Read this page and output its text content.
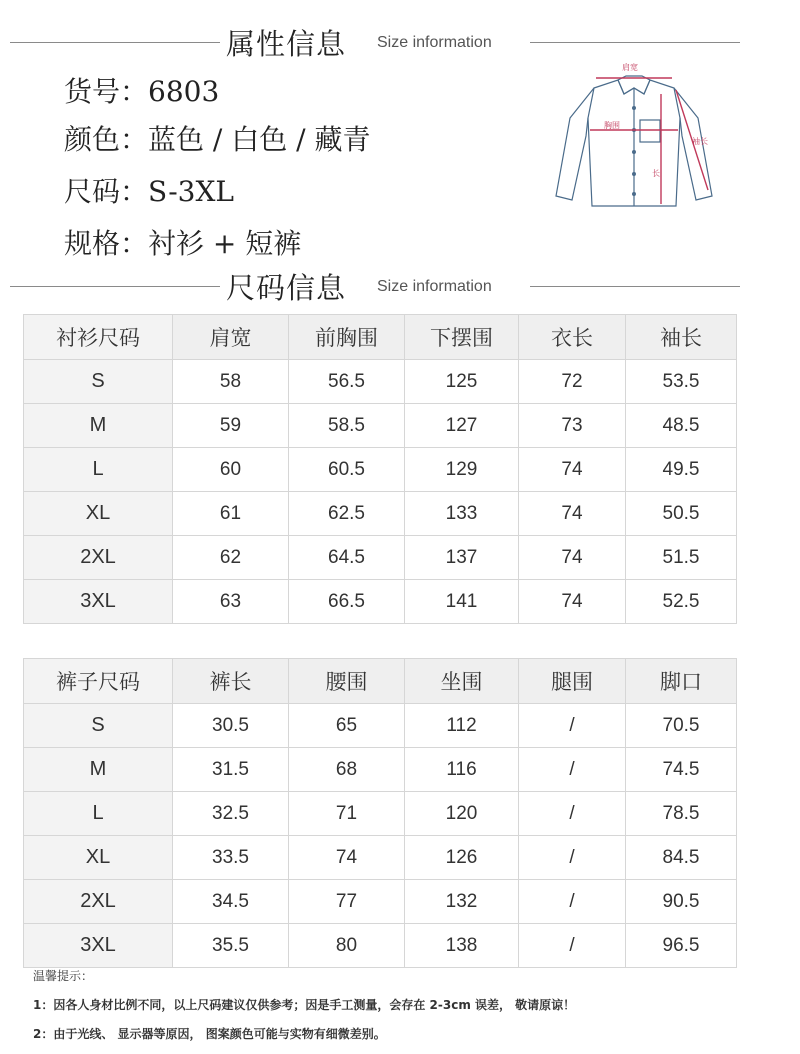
属性信息 Size information
货号：6803
颜色：蓝色 / 白色 / 藏青
尺码：S-3XL
规格：衬衫 + 短裤
肩宽
胸围
袖长
长
尺码信息 Size information
衬衫尺码	肩宽	前胸围	下摆围	衣长	袖长
S	58	56.5	125	72	53.5
M	59	58.5	127	73	48.5
L	60	60.5	129	74	49.5
XL	61	62.5	133	74	50.5
2XL	62	64.5	137	74	51.5
3XL	63	66.5	141	74	52.5
裤子尺码	裤长	腰围	坐围	腿围	脚口
S	30.5	65	112	/	70.5
M	31.5	68	116	/	74.5
L	32.5	71	120	/	78.5
XL	33.5	74	126	/	84.5
2XL	34.5	77	132	/	90.5
3XL	35.5	80	138	/	96.5
温馨提示：
1：因各人身材比例不同，以上尺码建议仅供参考；因是手工测量，会存在 2-3cm 误差， 敬请原谅！
2：由于光线、 显示器等原因， 图案颜色可能与实物有细微差别。
